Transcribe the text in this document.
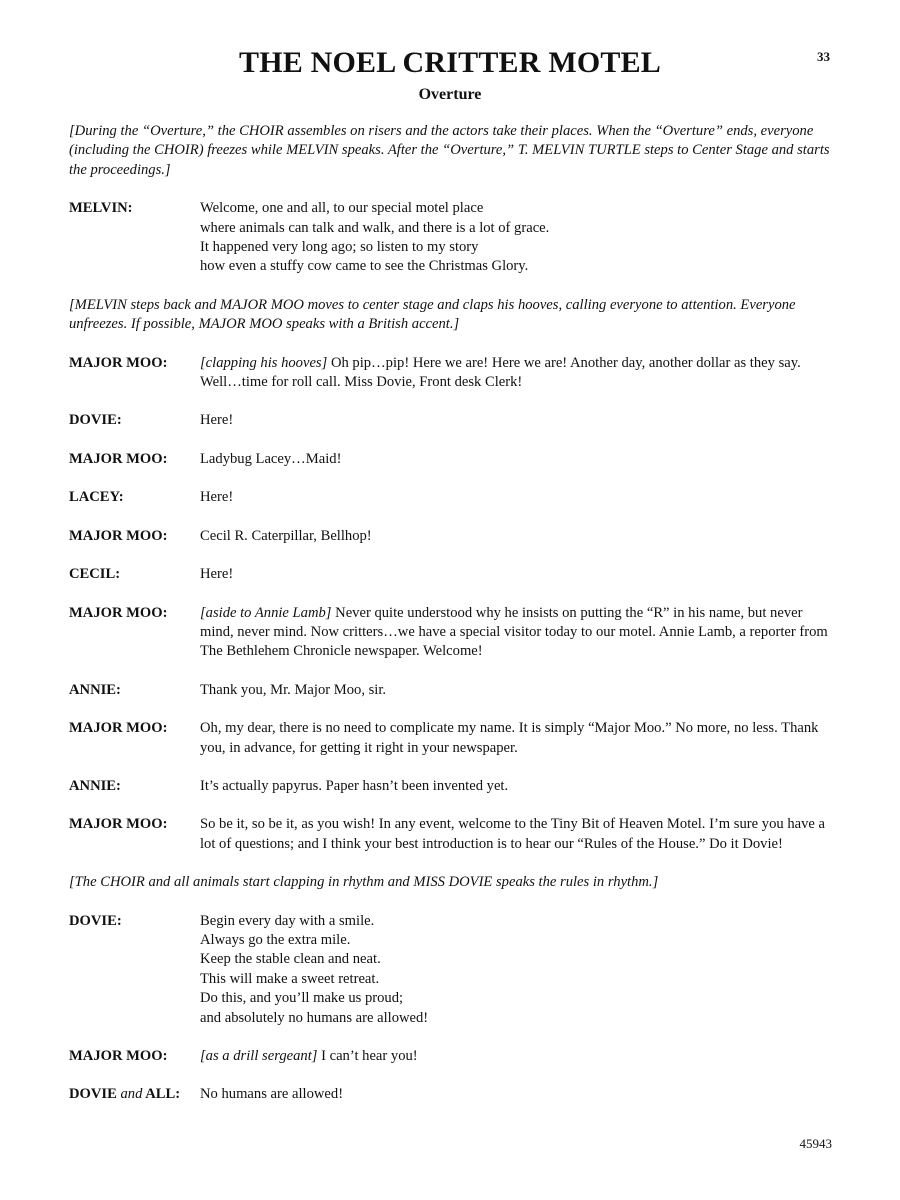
33
THE NOEL CRITTER MOTEL
Overture

[During the “Overture,” the CHOIR assembles on risers and the actors take their places. When the “Overture” ends, everyone (including the CHOIR) freezes while MELVIN speaks. After the “Overture,” T. MELVIN TURTLE steps to Center Stage and starts the proceedings.]

MELVIN:	Welcome, one and all, to our special motel place
where animals can talk and walk, and there is a lot of grace.
It happened very long ago; so listen to my story
how even a stuffy cow came to see the Christmas Glory.

[MELVIN steps back and MAJOR MOO moves to center stage and claps his hooves, calling everyone to attention. Everyone unfreezes. If possible, MAJOR MOO speaks with a British accent.]

MAJOR MOO:	[clapping his hooves] Oh pip…pip! Here we are! Here we are! Another day, another dollar as they say. Well…time for roll call. Miss Dovie, Front desk Clerk!
DOVIE:	Here!
MAJOR MOO:	Ladybug Lacey…Maid!
LACEY:	Here!
MAJOR MOO:	Cecil R. Caterpillar, Bellhop!
CECIL:	Here!
MAJOR MOO:	[aside to Annie Lamb] Never quite understood why he insists on putting the “R” in his name, but never mind, never mind. Now critters…we have a special visitor today to our motel. Annie Lamb, a reporter from The Bethlehem Chronicle newspaper. Welcome!
ANNIE:	Thank you, Mr. Major Moo, sir.
MAJOR MOO:	Oh, my dear, there is no need to complicate my name. It is simply “Major Moo.” No more, no less. Thank you, in advance, for getting it right in your newspaper.
ANNIE:	It’s actually papyrus. Paper hasn’t been invented yet.
MAJOR MOO:	So be it, so be it, as you wish! In any event, welcome to the Tiny Bit of Heaven Motel. I’m sure you have a lot of questions; and I think your best introduction is to hear our “Rules of the House.” Do it Dovie!

[The CHOIR and all animals start clapping in rhythm and MISS DOVIE speaks the rules in rhythm.]

DOVIE:	Begin every day with a smile.
Always go the extra mile.
Keep the stable clean and neat.
This will make a sweet retreat.
Do this, and you’ll make us proud;
and absolutely no humans are allowed!
MAJOR MOO:	[as a drill sergeant] I can’t hear you!
DOVIE and ALL:	No humans are allowed!
45943
